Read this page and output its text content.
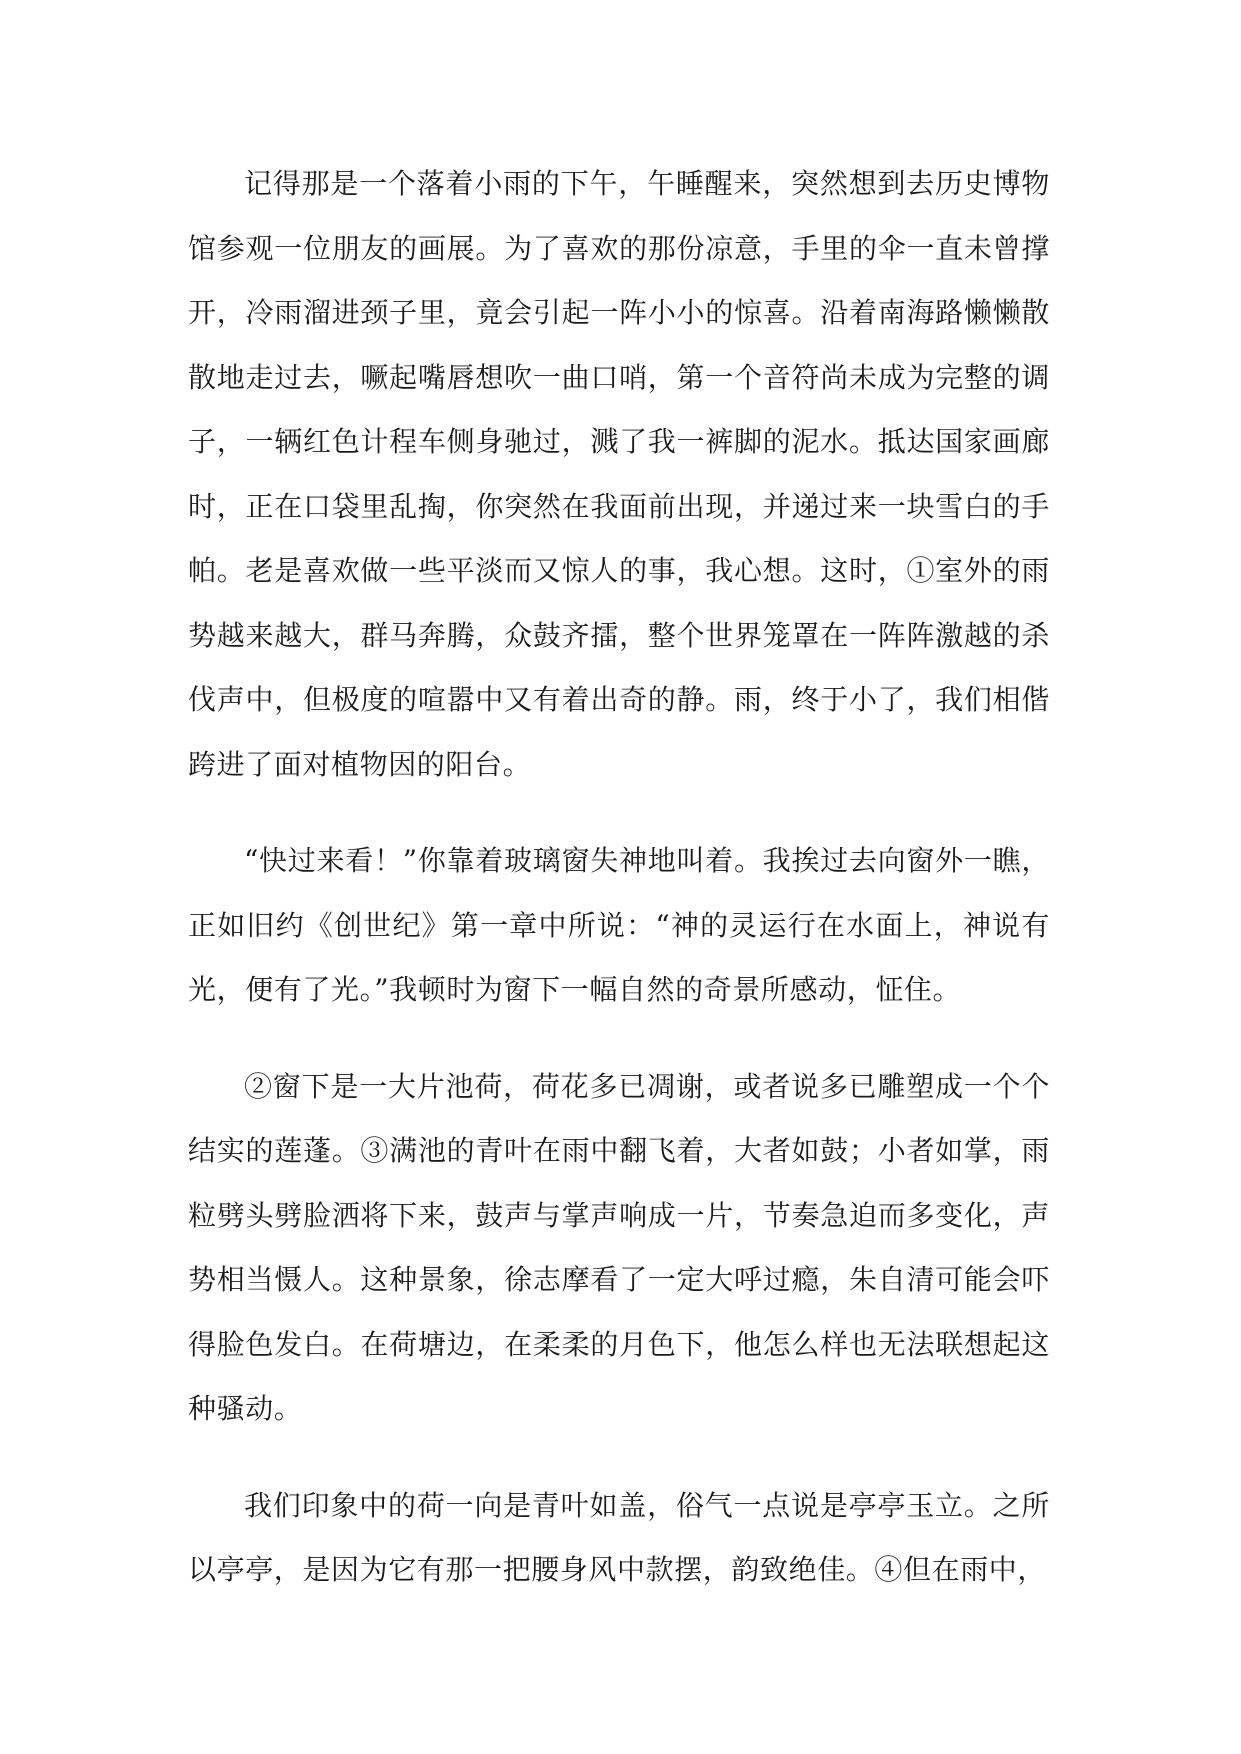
记得那是一个落着小雨的下午，午睡醒来，突然想到去历史博物馆参观一位朋友的画展。为了喜欢的那份凉意，手里的伞一直未曾撑开，冷雨溜进颈子里，竟会引起一阵小小的惊喜。沿着南海路懒懒散散地走过去，噘起嘴唇想吹一曲口哨，第一个音符尚未成为完整的调子，一辆红色计程车侧身驰过，溅了我一裤脚的泥水。抵达国家画廊时，正在口袋里乱掏，你突然在我面前出现，并递过来一块雪白的手帕。老是喜欢做一些平淡而又惊人的事，我心想。这时，①室外的雨势越来越大，群马奔腾，众鼓齐擂，整个世界笼罩在一阵阵激越的杀伐声中，但极度的喧嚣中又有着出奇的静。雨，终于小了，我们相偕跨进了面对植物因的阳台。

“快过来看！”你靠着玻璃窗失神地叫着。我挨过去向窗外一瞧，正如旧约《创世纪》第一章中所说：“神的灵运行在水面上，神说有光，便有了光。”我顿时为窗下一幅自然的奇景所感动，怔住。

②窗下是一大片池荷，荷花多已凋谢，或者说多已雕塑成一个个结实的莲蓬。③满池的青叶在雨中翻飞着，大者如鼓；小者如掌，雨粒劈头劈脸洒将下来，鼓声与掌声响成一片，节奏急迫而多变化，声势相当慑人。这种景象，徐志摩看了一定大呼过瘾，朱自清可能会吓得脸色发白。在荷塘边，在柔柔的月色下，他怎么样也无法联想起这种骚动。

我们印象中的荷一向是青叶如盖，俗气一点说是亭亭玉立。之所以亭亭，是因为它有那一把腰身风中款摆，韵致绝佳。④但在雨中，
